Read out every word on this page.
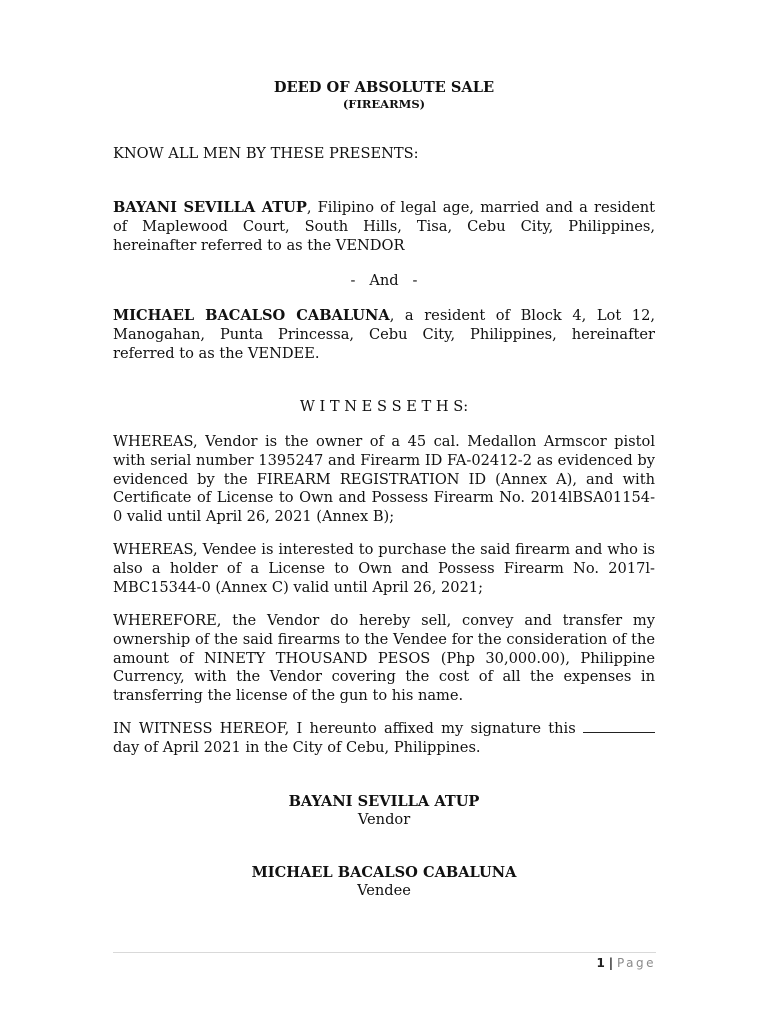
DEED OF ABSOLUTE SALE
(FIREARMS)
KNOW ALL MEN BY THESE PRESENTS:
BAYANI SEVILLA ATUP, Filipino of legal age, married and a resident of Maplewood Court, South Hills, Tisa, Cebu City, Philippines, hereinafter referred to as the VENDOR
-   And   -
MICHAEL BACALSO CABALUNA, a resident of Block 4, Lot 12, Manogahan, Punta Princessa, Cebu City, Philippines, hereinafter referred to as the VENDEE.
W I T N E S S E T H S:
WHEREAS, Vendor is the owner of a 45 cal. Medallon Armscor pistol with serial number 1395247 and Firearm ID FA-02412-2 as evidenced by evidenced by the FIREARM REGISTRATION ID (Annex A), and with Certificate of License to Own and Possess Firearm No. 2014lBSA01154-0 valid until April 26, 2021 (Annex B);
WHEREAS, Vendee is interested to purchase the said firearm and who is also a holder of a License to Own and Possess Firearm No. 2017l-MBC15344-0 (Annex C) valid until April 26, 2021;
WHEREFORE, the Vendor do hereby sell, convey and transfer my ownership of the said firearms to the Vendee for the consideration of the amount of NINETY THOUSAND PESOS (Php 30,000.00), Philippine Currency, with the Vendor covering the cost of all the expenses in transferring the license of the gun to his name.
IN WITNESS HEREOF, I hereunto affixed my signature this  day of April 2021 in the City of Cebu, Philippines.
BAYANI SEVILLA ATUP
Vendor
MICHAEL BACALSO CABALUNA
Vendee
1 | Page
